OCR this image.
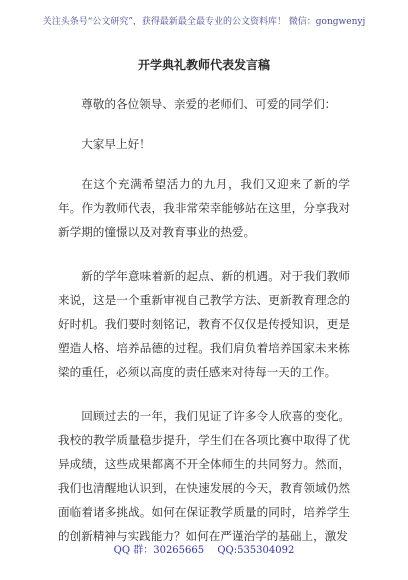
关注头条号“公文研究”，获得最新最全最专业的公文资料库！ 微信：gongwenyj
开学典礼教师代表发言稿

尊敬的各位领导、亲爱的老师们、可爱的同学们：

大家早上好！

在这个充满希望活力的九月，我们又迎来了新的学年。作为教师代表，我非常荣幸能够站在这里，分享我对新学期的憧憬以及对教育事业的热爱。

新的学年意味着新的起点、新的机遇。对于我们教师来说，这是一个重新审视自己教学方法、更新教育理念的好时机。我们要时刻铭记，教育不仅仅是传授知识，更是塑造人格、培养品德的过程。我们肩负着培养国家未来栋梁的重任，必须以高度的责任感来对待每一天的工作。

回顾过去的一年，我们见证了许多令人欣喜的变化。我校的教学质量稳步提升，学生们在各项比赛中取得了优异成绩，这些成果都离不开全体师生的共同努力。然而，我们也清醒地认识到，在快速发展的今天，教育领域仍然面临着诸多挑战。如何在保证教学质量的同时，培养学生的创新精神与实践能力？如何在严谨治学的基础上，激发

QQ 群：30265665 QQ:535304092
